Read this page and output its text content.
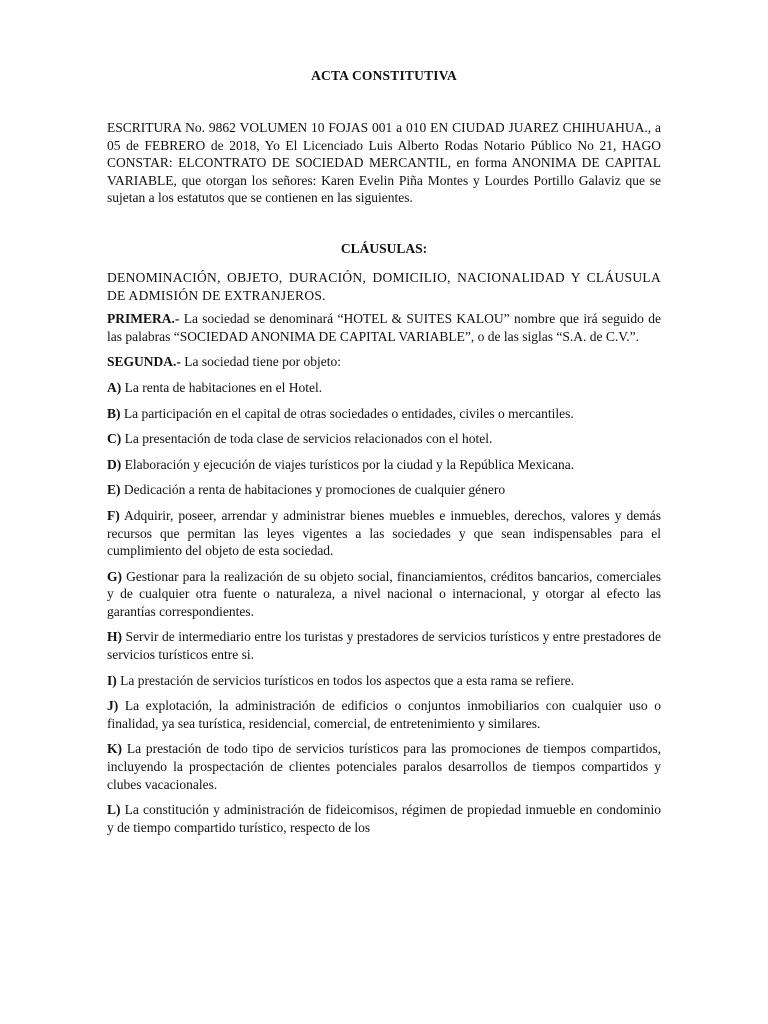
ACTA CONSTITUTIVA
ESCRITURA No. 9862 VOLUMEN 10 FOJAS 001 a 010 EN CIUDAD JUAREZ CHIHUAHUA., a 05 de FEBRERO de 2018, Yo El Licenciado Luis Alberto Rodas Notario Público No 21, HAGO CONSTAR: ELCONTRATO DE SOCIEDAD MERCANTIL, en forma ANONIMA DE CAPITAL VARIABLE, que otorgan los señores: Karen Evelin Piña Montes y Lourdes Portillo Galaviz que se sujetan a los estatutos que se contienen en las siguientes.
CLÁUSULAS:
DENOMINACIÓN, OBJETO, DURACIÓN, DOMICILIO, NACIONALIDAD Y CLÁUSULA DE ADMISIÓN DE EXTRANJEROS.

PRIMERA.- La sociedad se denominará “HOTEL & SUITES KALOU” nombre que irá seguido de las palabras “SOCIEDAD ANONIMA DE CAPITAL VARIABLE”, o de las siglas “S.A. de C.V.”.

SEGUNDA.- La sociedad tiene por objeto:

A) La renta de habitaciones en el Hotel.

B) La participación en el capital de otras sociedades o entidades, civiles o mercantiles.

C) La presentación de toda clase de servicios relacionados con el hotel.

D) Elaboración y ejecución de viajes turísticos por la ciudad y la República Mexicana.

E) Dedicación a renta de habitaciones y promociones de cualquier género

F) Adquirir, poseer, arrendar y administrar bienes muebles e inmuebles, derechos, valores y demás recursos que permitan las leyes vigentes a las sociedades y que sean indispensables para el cumplimiento del objeto de esta sociedad.

G) Gestionar para la realización de su objeto social, financiamientos, créditos bancarios, comerciales y de cualquier otra fuente o naturaleza, a nivel nacional o internacional, y otorgar al efecto las garantías correspondientes.

H) Servir de intermediario entre los turistas y prestadores de servicios turísticos y entre prestadores de servicios turísticos entre si.

I) La prestación de servicios turísticos en todos los aspectos que a esta rama se refiere.

J) La explotación, la administración de edificios o conjuntos inmobiliarios con cualquier uso o finalidad, ya sea turística, residencial, comercial, de entretenimiento y similares.

K) La prestación de todo tipo de servicios turísticos para las promociones de tiempos compartidos, incluyendo la prospectación de clientes potenciales paralos desarrollos de tiempos compartidos y clubes vacacionales.

L) La constitución y administración de fideicomisos, régimen de propiedad inmueble en condominio y de tiempo compartido turístico, respecto de los
